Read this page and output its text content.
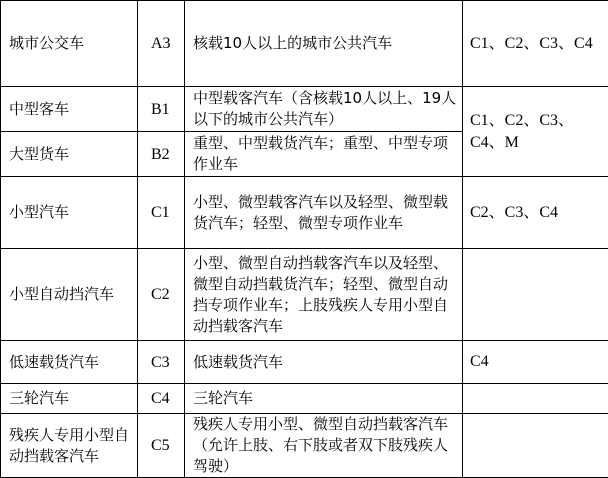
城市公交车	A3	核载10人以上的城市公共汽车	C1、C2、C3、C4
中型客车	B1	中型载客汽车（含核载10人以上、19人以下的城市公共汽车）	C1、C2、C3、C4、M
大型货车	B2	重型、中型载货汽车；重型、中型专项作业车	
小型汽车	C1	小型、微型载客汽车以及轻型、微型载货汽车；轻型、微型专项作业车	C2、C3、C4
小型自动挡汽车	C2	小型、微型自动挡载客汽车以及轻型、微型自动挡载货汽车；轻型、微型自动挡专项作业车；上肢残疾人专用小型自动挡载客汽车	
低速载货汽车	C3	低速载货汽车	C4
三轮汽车	C4	三轮汽车	
残疾人专用小型自动挡载客汽车	C5	残疾人专用小型、微型自动挡载客汽车（允许上肢、右下肢或者双下肢残疾人驾驶）	
